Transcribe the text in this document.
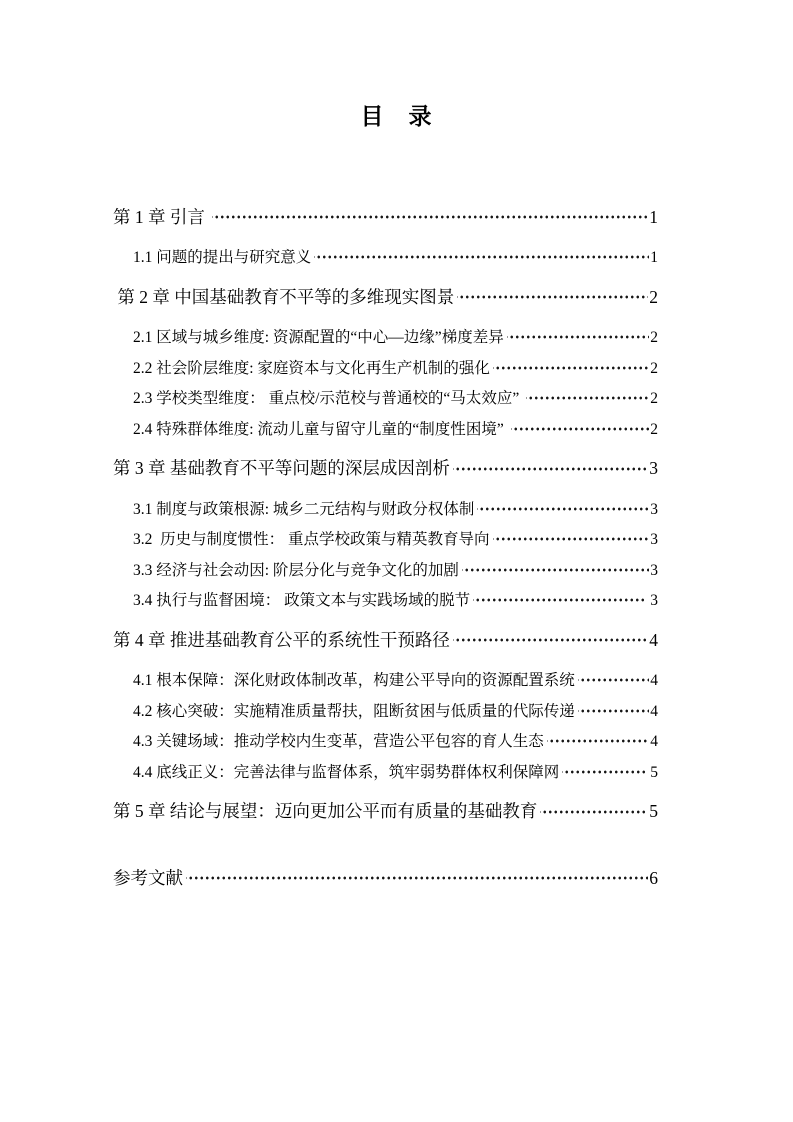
目　录
第 1 章 引言	1
1.1 问题的提出与研究意义	1
第 2 章 中国基础教育不平等的多维现实图景	2
2.1 区域与城乡维度: 资源配置的“中心—边缘”梯度差异	2
2.2 社会阶层维度: 家庭资本与文化再生产机制的强化	2
2.3 学校类型维度： 重点校/示范校与普通校的“马太效应”	2
2.4 特殊群体维度: 流动儿童与留守儿童的“制度性困境”	2
第 3 章 基础教育不平等问题的深层成因剖析	3
3.1 制度与政策根源: 城乡二元结构与财政分权体制	3
3.2  历史与制度惯性： 重点学校政策与精英教育导向	3
3.3 经济与社会动因: 阶层分化与竞争文化的加剧	3
3.4 执行与监督困境： 政策文本与实践场域的脱节	3
第 4 章 推进基础教育公平的系统性干预路径	4
4.1 根本保障：深化财政体制改革，构建公平导向的资源配置系统	4
4.2 核心突破：实施精准质量帮扶，阻断贫困与低质量的代际传递	4
4.3 关键场域：推动学校内生变革，营造公平包容的育人生态	4
4.4 底线正义：完善法律与监督体系，筑牢弱势群体权利保障网	5
第 5 章 结论与展望：迈向更加公平而有质量的基础教育	5
参考文献	6
